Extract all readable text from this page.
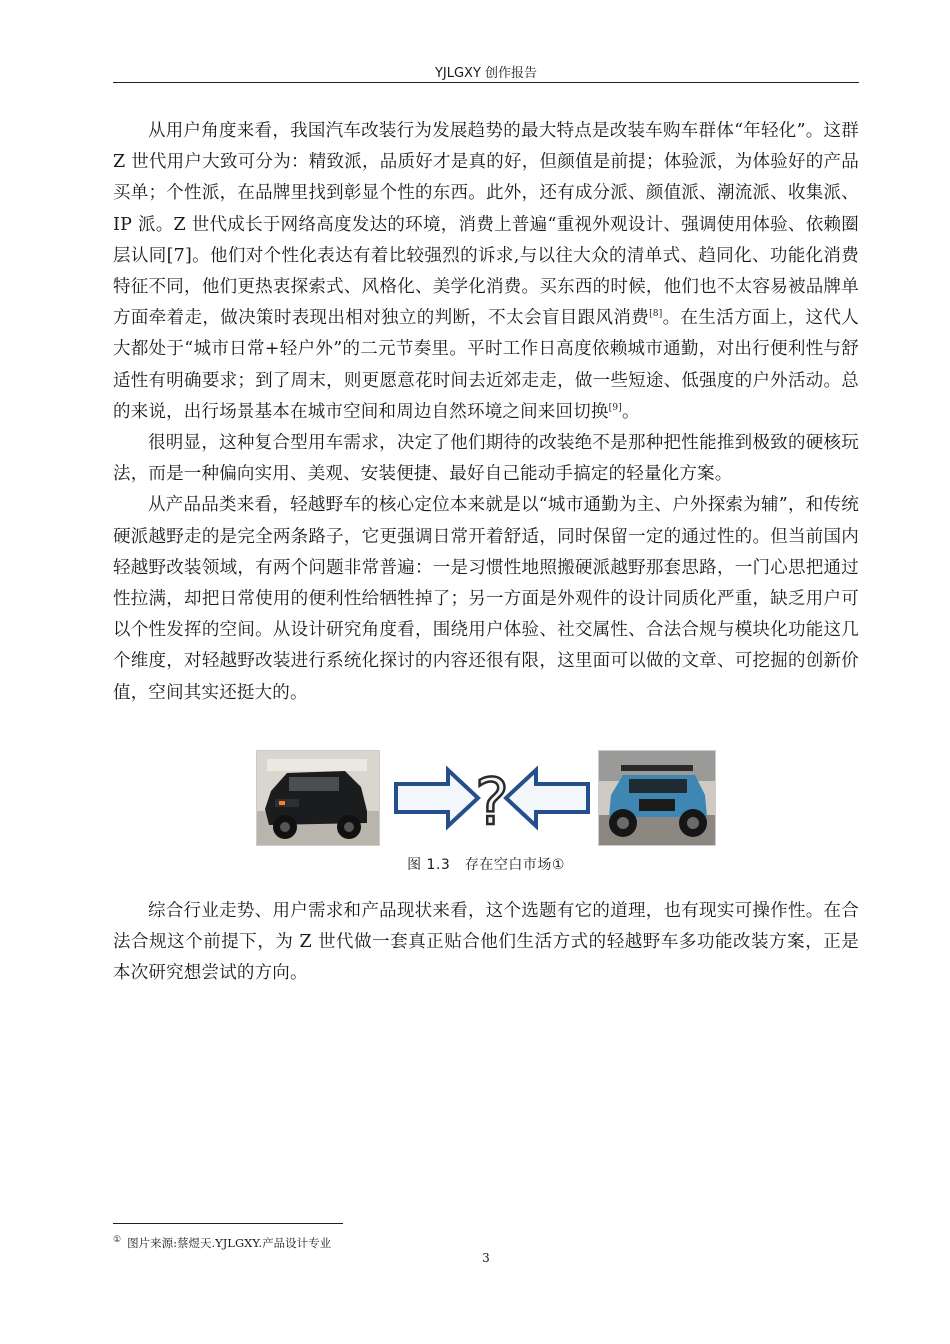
YJLGXY 创作报告

从用户角度来看，我国汽车改装行为发展趋势的最大特点是改装车购车群体“年轻化”。这群 Z 世代用户大致可分为：精致派，品质好才是真的好，但颜值是前提；体验派，为体验好的产品买单；个性派，在品牌里找到彰显个性的东西。此外，还有成分派、颜值派、潮流派、收集派、IP 派。Z 世代成长于网络高度发达的环境，消费上普遍“重视外观设计、强调使用体验、依赖圈层认同[7]。他们对个性化表达有着比较强烈的诉求,与以往大众的清单式、趋同化、功能化消费特征不同，他们更热衷探索式、风格化、美学化消费。买东西的时候，他们也不太容易被品牌单方面牵着走，做决策时表现出相对独立的判断，不太会盲目跟风消费[8]。在生活方面上，这代人大都处于“城市日常+轻户外”的二元节奏里。平时工作日高度依赖城市通勤，对出行便利性与舒适性有明确要求；到了周末，则更愿意花时间去近郊走走，做一些短途、低强度的户外活动。总的来说，出行场景基本在城市空间和周边自然环境之间来回切换[9]。

很明显，这种复合型用车需求，决定了他们期待的改装绝不是那种把性能推到极致的硬核玩法，而是一种偏向实用、美观、安装便捷、最好自己能动手搞定的轻量化方案。

从产品品类来看，轻越野车的核心定位本来就是以“城市通勤为主、户外探索为辅”，和传统硬派越野走的是完全两条路子，它更强调日常开着舒适，同时保留一定的通过性的。但当前国内轻越野改装领域，有两个问题非常普遍：一是习惯性地照搬硬派越野那套思路，一门心思把通过性拉满，却把日常使用的便利性给牺牲掉了；另一方面是外观件的设计同质化严重，缺乏用户可以个性发挥的空间。从设计研究角度看，围绕用户体验、社交属性、合法合规与模块化功能这几个维度，对轻越野改装进行系统化探讨的内容还很有限，这里面可以做的文章、可挖掘的创新价值，空间其实还挺大的。

?
图 1.3　存在空白市场①

综合行业走势、用户需求和产品现状来看，这个选题有它的道理，也有现实可操作性。在合法合规这个前提下，为 Z 世代做一套真正贴合他们生活方式的轻越野车多功能改装方案，正是本次研究想尝试的方向。

① 图片来源:蔡煜天.YJLGXY.产品设计专业
3
